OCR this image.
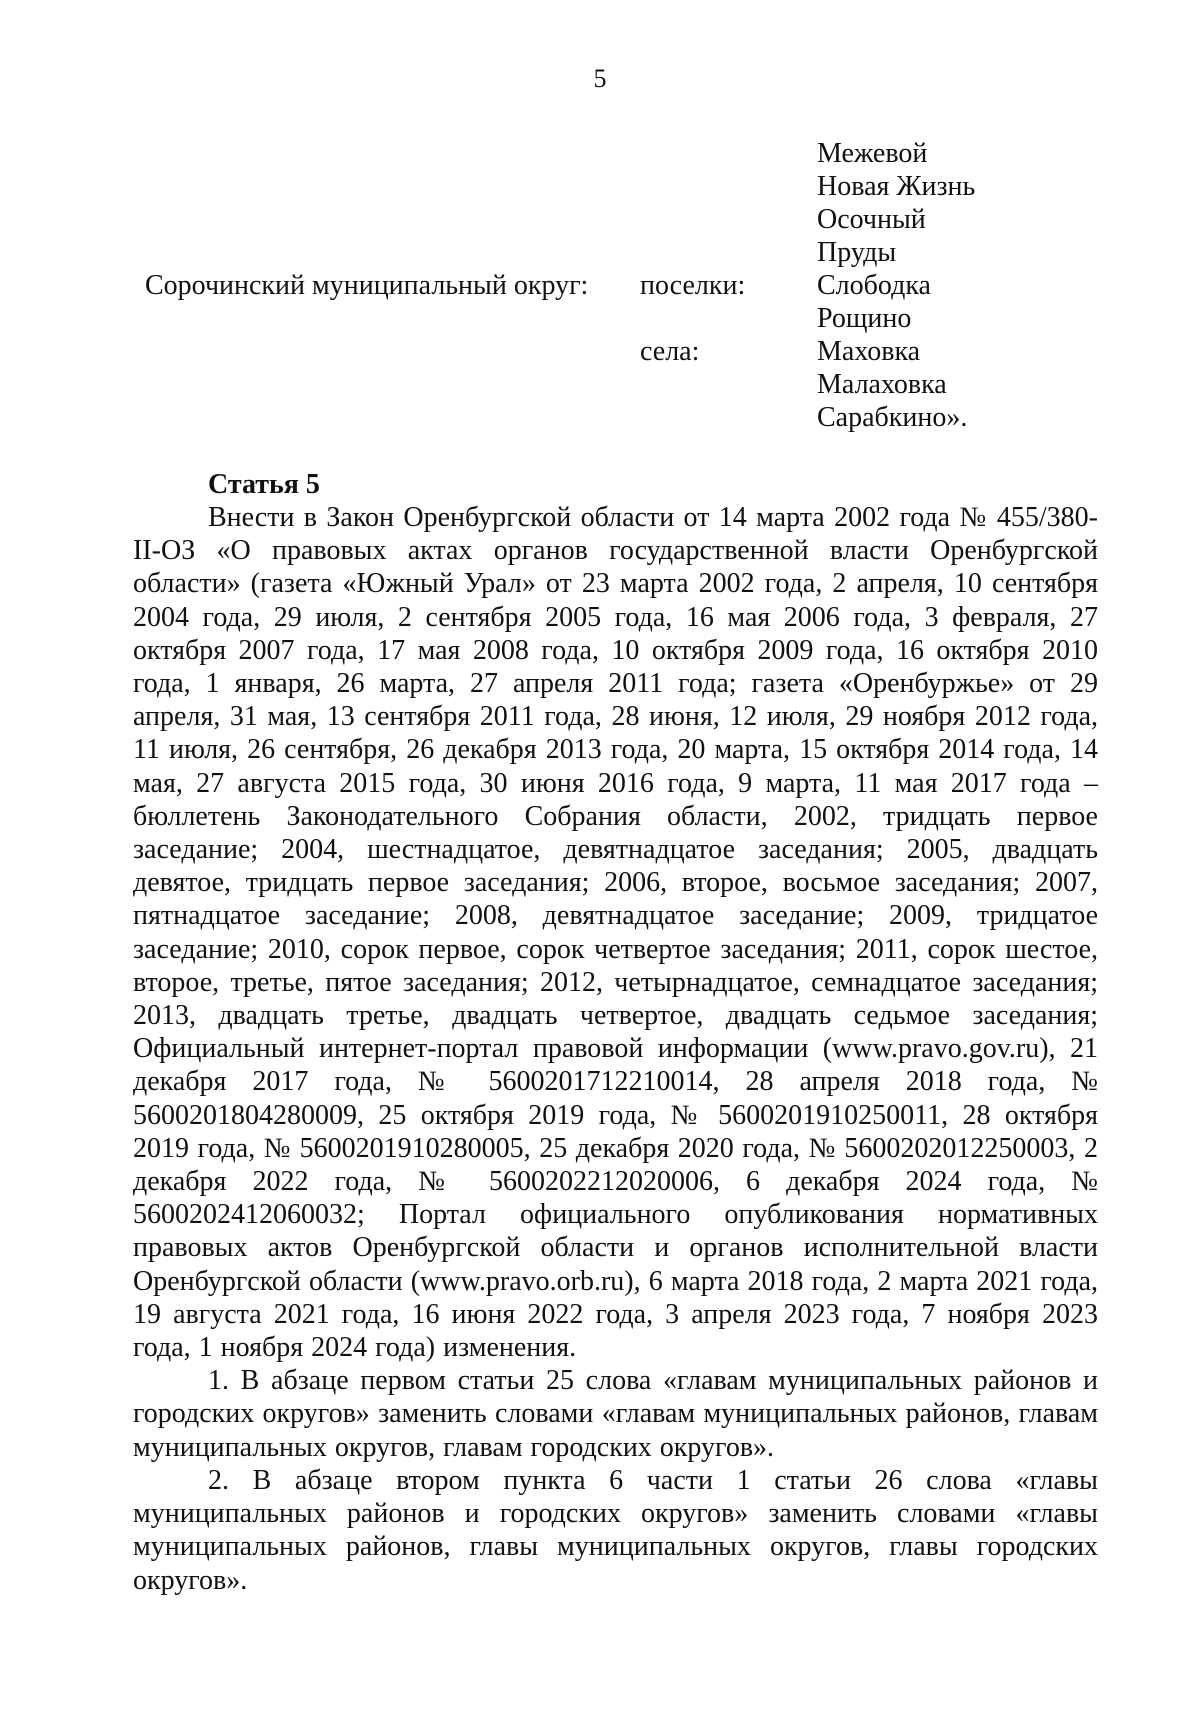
5
Межевой
Новая Жизнь
Осочный
Пруды
Сорочинский муниципальный округ: поселки:	Слободка
Рощино
села:	Маховка
Малаховка
Сарабкино».
Статья 5

Внести в Закон Оренбургской области от 14 марта 2002 года № 455/380-II-ОЗ «О правовых актах органов государственной власти Оренбургской области» (газета «Южный Урал» от 23 марта 2002 года, 2 апреля, 10 сентября 2004 года, 29 июля, 2 сентября 2005 года, 16 мая 2006 года, 3 февраля, 27 октября 2007 года, 17 мая 2008 года, 10 октября 2009 года, 16 октября 2010 года, 1 января, 26 марта, 27 апреля 2011 года; газета «Оренбуржье» от 29 апреля, 31 мая, 13 сентября 2011 года, 28 июня, 12 июля, 29 ноября 2012 года, 11 июля, 26 сентября, 26 декабря 2013 года, 20 марта, 15 октября 2014 года, 14 мая, 27 августа 2015 года, 30 июня 2016 года, 9 марта, 11 мая 2017 года – бюллетень Законодательного Собрания области, 2002, тридцать первое заседание; 2004, шестнадцатое, девятнадцатое заседания; 2005, двадцать девятое, тридцать первое заседания; 2006, второе, восьмое заседания; 2007, пятнадцатое заседание; 2008, девятнадцатое заседание; 2009, тридцатое заседание; 2010, сорок первое, сорок четвертое заседания; 2011, сорок шестое, второе, третье, пятое заседания; 2012, четырнадцатое, семнадцатое заседания; 2013, двадцать третье, двадцать четвертое, двадцать седьмое заседания; Официальный интернет-портал правовой информации (www.pravo.gov.ru), 21 декабря 2017 года, № 5600201712210014, 28 апреля 2018 года, № 5600201804280009, 25 октября 2019 года, № 5600201910250011, 28 октября 2019 года, № 5600201910280005, 25 декабря 2020 года, № 5600202012250003, 2 декабря 2022 года, № 5600202212020006, 6 декабря 2024 года, № 5600202412060032; Портал официального опубликования нормативных правовых актов Оренбургской области и органов исполнительной власти Оренбургской области (www.pravo.orb.ru), 6 марта 2018 года, 2 марта 2021 года, 19 августа 2021 года, 16 июня 2022 года, 3 апреля 2023 года, 7 ноября 2023 года, 1 ноября 2024 года) изменения.

1. В абзаце первом статьи 25 слова «главам муниципальных районов и городских округов» заменить словами «главам муниципальных районов, главам муниципальных округов, главам городских округов».

2. В абзаце втором пункта 6 части 1 статьи 26 слова «главы муниципальных районов и городских округов» заменить словами «главы муниципальных районов, главы муниципальных округов, главы городских округов».
